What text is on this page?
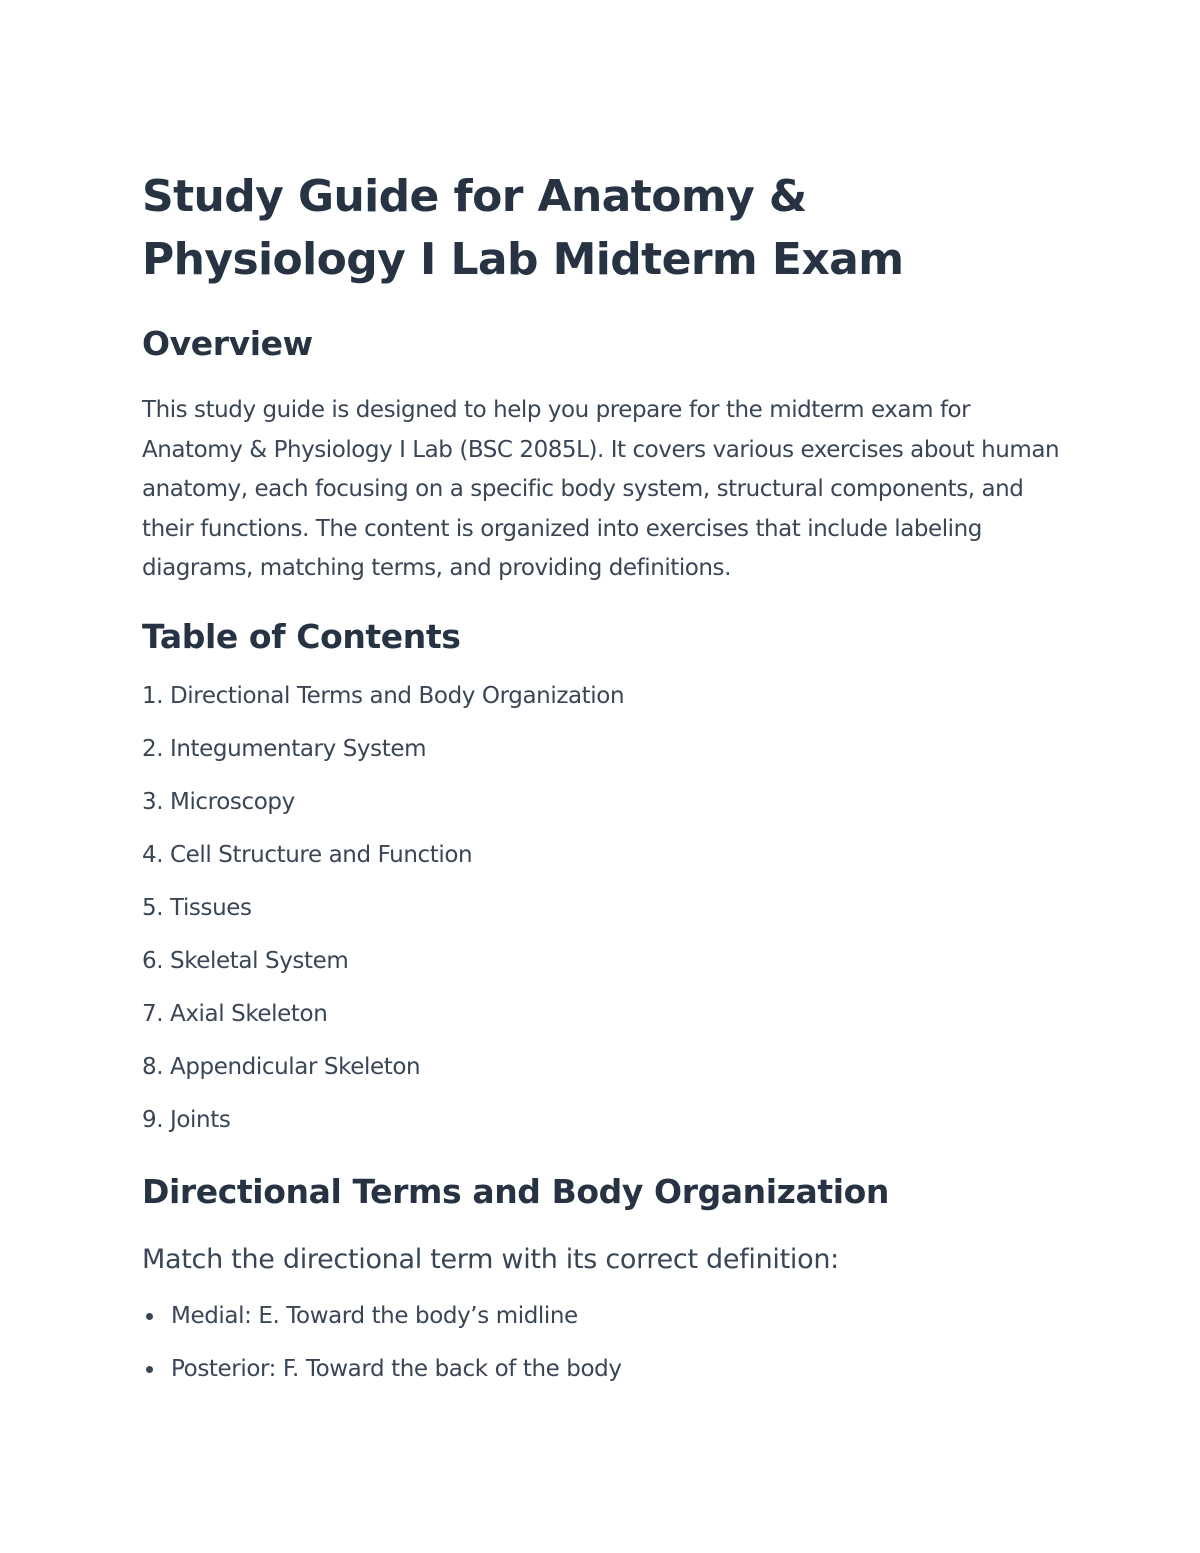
Study Guide for Anatomy & Physiology I Lab Midterm Exam
Overview

This study guide is designed to help you prepare for the midterm exam for Anatomy & Physiology I Lab (BSC 2085L). It covers various exercises about human anatomy, each focusing on a specific body system, structural components, and their functions. The content is organized into exercises that include labeling diagrams, matching terms, and providing definitions.

Table of Contents
1. Directional Terms and Body Organization
2. Integumentary System
3. Microscopy
4. Cell Structure and Function
5. Tissues
6. Skeletal System
7. Axial Skeleton
8. Appendicular Skeleton
9. Joints
Directional Terms and Body Organization
Match the directional term with its correct definition:
Medial: E. Toward the body’s midline
Posterior: F. Toward the back of the body
